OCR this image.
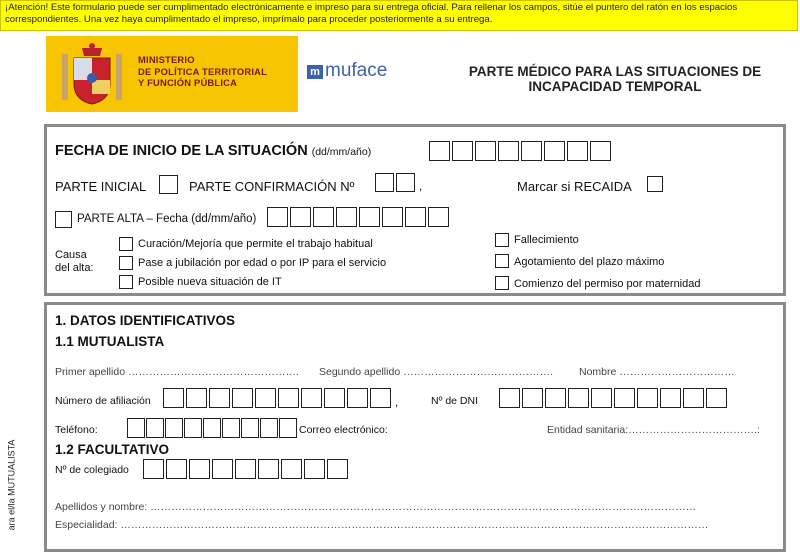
¡Atención! Este formulario puede ser cumplimentado electrónicamente e impreso para su entrega oficial. Para rellenar los campos, sitúe el puntero del ratón en los espacios correspondientes. Una vez haya cumplimentado el impreso, imprímalo para proceder posteriormente a su entrega.
MINISTERIO
DE POLÍTICA TERRITORIAL
Y FUNCIÓN PÚBLICA
m muface	PARTE MÉDICO PARA LAS SITUACIONES DE
INCAPACIDAD TEMPORAL
FECHA DE INICIO DE LA SITUACIÓN (dd/mm/año)
PARTE INICIAL	PARTE CONFIRMACIÓN Nº	,	Marcar si RECAIDA
PARTE ALTA – Fecha (dd/mm/año)
Causa
del alta:
Curación/Mejoría que permite el trabajo habitual
Pase a jubilación por edad o por IP para el servicio
Posible nueva situación de IT
Fallecimiento
Agotamiento del plazo máximo
Comienzo del permiso por maternidad
1. DATOS IDENTIFICATIVOS
1.1 MUTUALISTA
Primer apellido …………………………………………. Segundo apellido ……………………………………. Nombre ……………………………
Número de afiliación	,	Nº de DNI
Teléfono:	Correo electrónico:	Entidad sanitaria:……………………………….:
1.2 FACULTATIVO
Nº de colegiado
Apellidos y nombre: …………………………………………………………………………………………………………………………………………
Especialidad: ……………………………………………………………………………………………………………………………………………………
ara el/la MUTUALISTA
